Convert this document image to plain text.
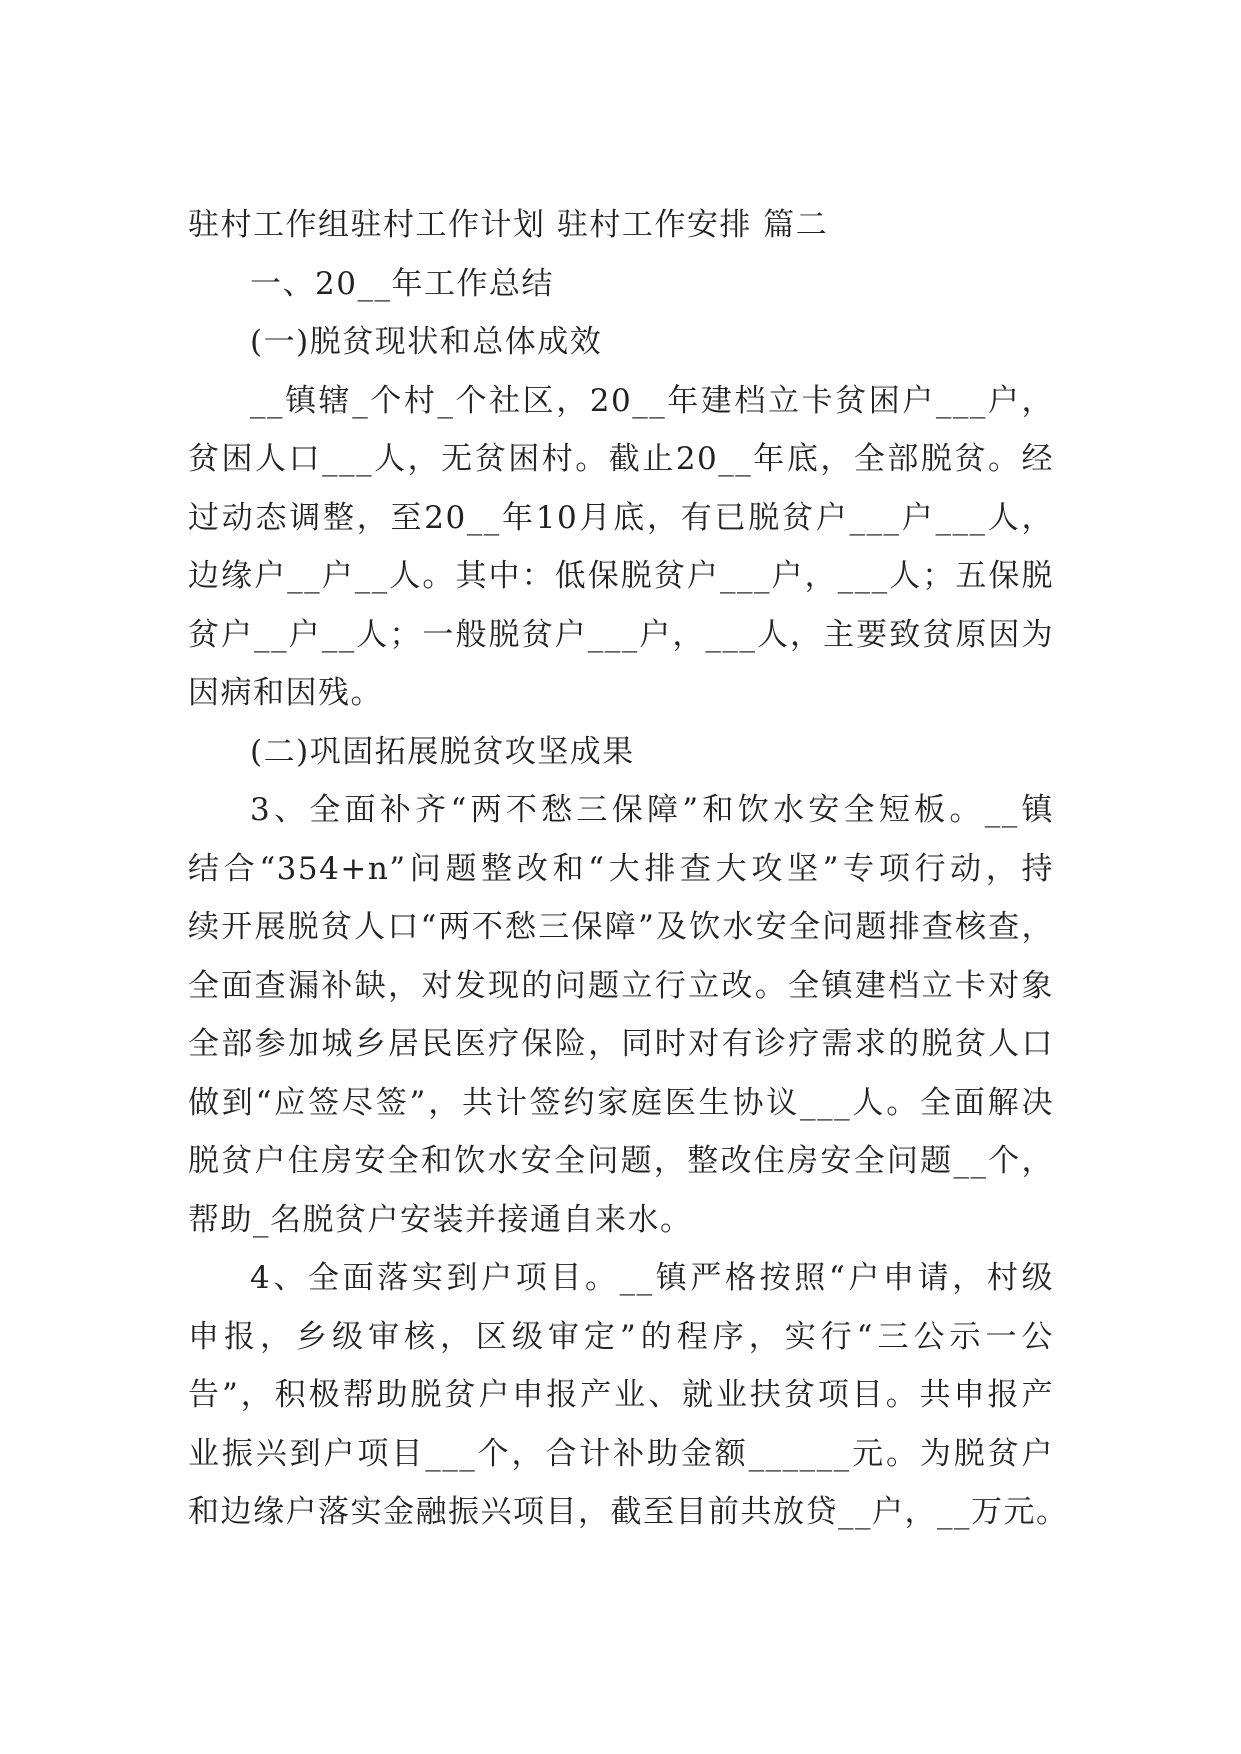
驻村工作组驻村工作计划 驻村工作安排 篇二
一、20__年工作总结
(一)脱贫现状和总体成效
__镇辖_个村_个社区，20__年建档立卡贫困户___户，
贫困人口___人，无贫困村。截止20__年底，全部脱贫。经
过动态调整，至20__年10月底，有已脱贫户___户___人，
边缘户__户__人。其中：低保脱贫户___户，___人；五保脱
贫户__户__人；一般脱贫户___户，___人，主要致贫原因为
因病和因残。
(二)巩固拓展脱贫攻坚成果
3、全面补齐“两不愁三保障”和饮水安全短板。__镇
结合“354+n”问题整改和“大排查大攻坚”专项行动，持
续开展脱贫人口“两不愁三保障”及饮水安全问题排查核查，
全面查漏补缺，对发现的问题立行立改。全镇建档立卡对象
全部参加城乡居民医疗保险，同时对有诊疗需求的脱贫人口
做到“应签尽签”，共计签约家庭医生协议___人。全面解决
脱贫户住房安全和饮水安全问题，整改住房安全问题__个，
帮助_名脱贫户安装并接通自来水。
4、全面落实到户项目。__镇严格按照“户申请，村级
申报，乡级审核，区级审定”的程序，实行“三公示一公
告”，积极帮助脱贫户申报产业、就业扶贫项目。共申报产
业振兴到户项目___个，合计补助金额______元。为脱贫户
和边缘户落实金融振兴项目，截至目前共放贷__户，__万元。
